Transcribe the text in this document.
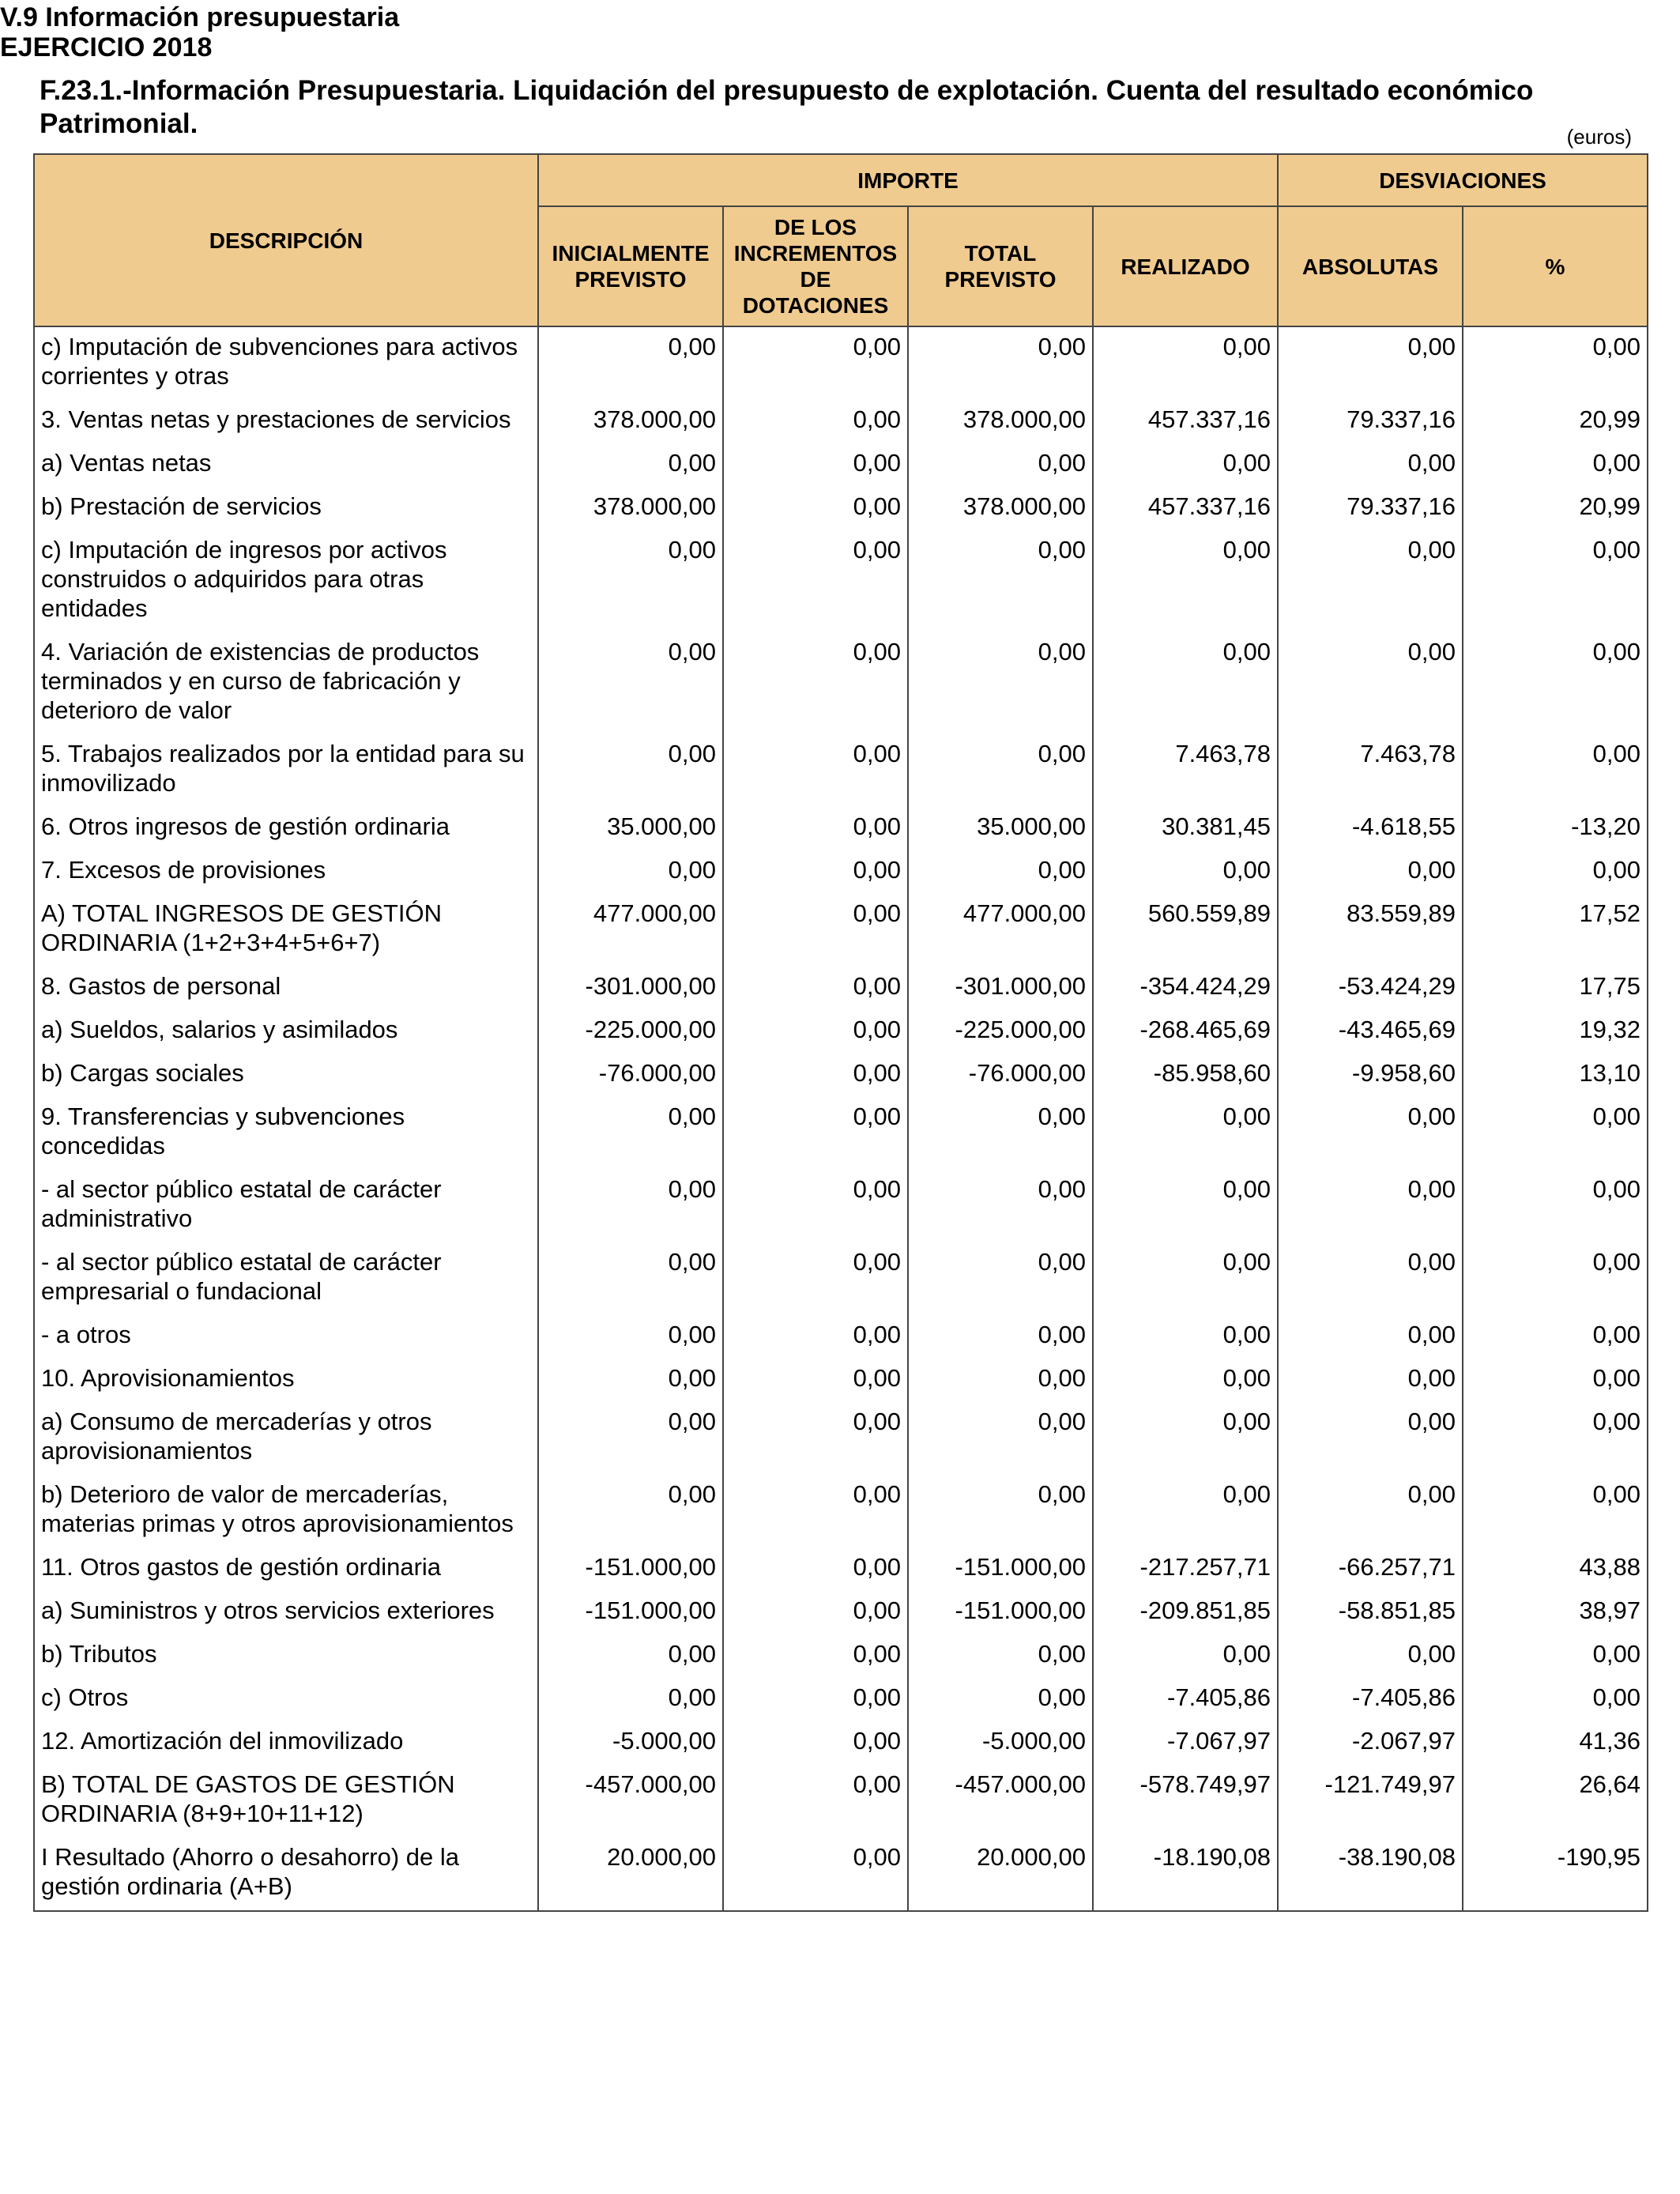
V.9 Información presupuestaria
EJERCICIO 2018
F.23.1.-Información Presupuestaria. Liquidación del presupuesto de explotación. Cuenta del resultado económico Patrimonial.	(euros)
DESCRIPCIÓN	IMPORTE				DESVIACIONES	
	INICIALMENTE PREVISTO	DE LOS INCREMENTOS DE DOTACIONES	TOTAL PREVISTO	REALIZADO	ABSOLUTAS	%
c) Imputación de subvenciones para activos corrientes y otras	0,00	0,00	0,00	0,00	0,00	0,00
3. Ventas netas y prestaciones de servicios	378.000,00	0,00	378.000,00	457.337,16	79.337,16	20,99
a) Ventas netas	0,00	0,00	0,00	0,00	0,00	0,00
b) Prestación de servicios	378.000,00	0,00	378.000,00	457.337,16	79.337,16	20,99
c) Imputación de ingresos por activos construidos o adquiridos para otras entidades	0,00	0,00	0,00	0,00	0,00	0,00
4. Variación de existencias de productos terminados y en curso de fabricación y deterioro de valor	0,00	0,00	0,00	0,00	0,00	0,00
5. Trabajos realizados por la entidad para su inmovilizado	0,00	0,00	0,00	7.463,78	7.463,78	0,00
6. Otros ingresos de gestión ordinaria	35.000,00	0,00	35.000,00	30.381,45	-4.618,55	-13,20
7. Excesos de provisiones	0,00	0,00	0,00	0,00	0,00	0,00
A) TOTAL INGRESOS DE GESTIÓN ORDINARIA (1+2+3+4+5+6+7)	477.000,00	0,00	477.000,00	560.559,89	83.559,89	17,52
8. Gastos de personal	-301.000,00	0,00	-301.000,00	-354.424,29	-53.424,29	17,75
a) Sueldos, salarios y asimilados	-225.000,00	0,00	-225.000,00	-268.465,69	-43.465,69	19,32
b) Cargas sociales	-76.000,00	0,00	-76.000,00	-85.958,60	-9.958,60	13,10
9. Transferencias y subvenciones concedidas	0,00	0,00	0,00	0,00	0,00	0,00
- al sector público estatal de carácter administrativo	0,00	0,00	0,00	0,00	0,00	0,00
- al sector público estatal de carácter empresarial o fundacional	0,00	0,00	0,00	0,00	0,00	0,00
- a otros	0,00	0,00	0,00	0,00	0,00	0,00
10. Aprovisionamientos	0,00	0,00	0,00	0,00	0,00	0,00
a) Consumo de mercaderías y otros aprovisionamientos	0,00	0,00	0,00	0,00	0,00	0,00
b) Deterioro de valor de mercaderías, materias primas y otros aprovisionamientos	0,00	0,00	0,00	0,00	0,00	0,00
11. Otros gastos de gestión ordinaria	-151.000,00	0,00	-151.000,00	-217.257,71	-66.257,71	43,88
a) Suministros y otros servicios exteriores	-151.000,00	0,00	-151.000,00	-209.851,85	-58.851,85	38,97
b) Tributos	0,00	0,00	0,00	0,00	0,00	0,00
c) Otros	0,00	0,00	0,00	-7.405,86	-7.405,86	0,00
12. Amortización del inmovilizado	-5.000,00	0,00	-5.000,00	-7.067,97	-2.067,97	41,36
B) TOTAL DE GASTOS DE GESTIÓN ORDINARIA (8+9+10+11+12)	-457.000,00	0,00	-457.000,00	-578.749,97	-121.749,97	26,64
I Resultado (Ahorro o desahorro) de la gestión ordinaria (A+B)	20.000,00	0,00	20.000,00	-18.190,08	-38.190,08	-190,95
